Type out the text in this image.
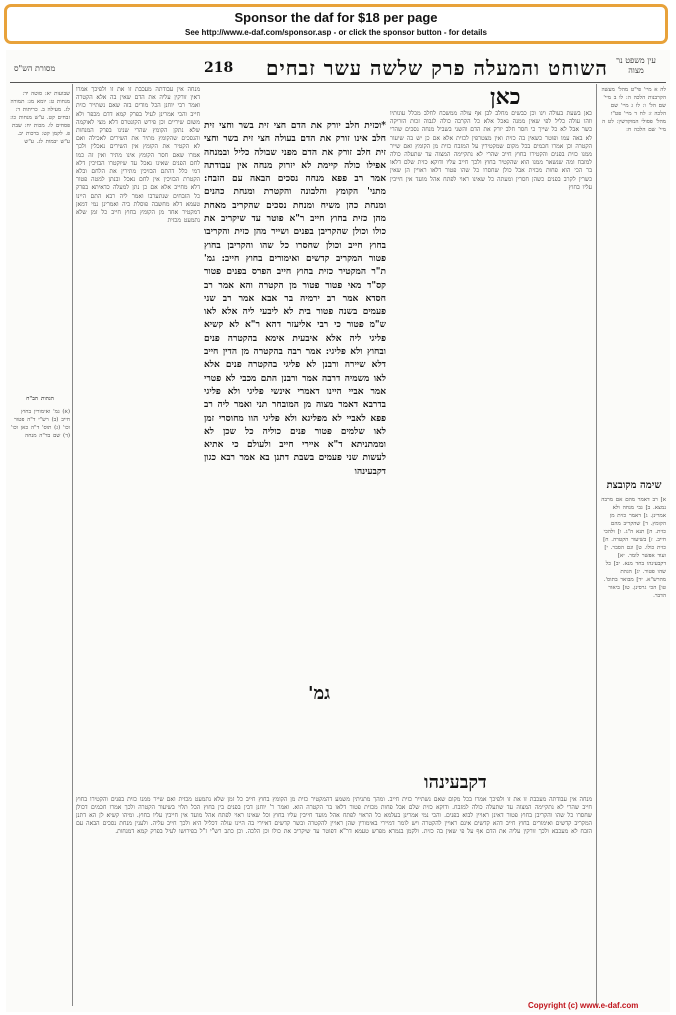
Sponsor the daf for $18 per page
See http://www.e-daf.com/sponsor.asp - or click the sponsor button - for details
מסורת הש"ס	218 השוחט והמעלה פרק שלשה עשר זבחים	עין משפט נר מצוה
שבועות יא: סוטה יד: מנחות ט: יומא מג: תמורה לג. מעילה ב. כריתות ד: זבחים קט. ע"ש מנחות כו: פסחים לו. מכות יח: שבת פ. לקמן קט: ברכות יב. ע"ש יבמות לג. ע"ש
הגהות הב"ח
(א) גמ' ואימורין בחוץ חייב (ב) רש"י ד"ה פטור וכו' (ג) תוס' ד"ה כאן וכו' (ד) שם בד"ה מנחה
לה א מיי' פי"ט מהל' מעשה הקרבנות הלכה ה: לו ב מיי' שם הל' ו: לז ג מיי' שם הלכה ז: לח ד מיי' פט"ו מהל' פסולי המוקדשין: לט ה מיי' שם הלכה ח:
שימה מקובצת
א] רב דאמר מהם אם מרבה נמצא. ב] גבי מנחה ולא אמרינן. ג] דאמר כזית מן הקומץ. ד] שהקריב מהם כזית. ה] תנא ה"ג. ו] ולהכי חייב. ז] בשיעור הקטרה. ח] כזית כולו. ט] וגם הסבר. י] ועוד אפשר לומר. יא] דקבעינהו בחד מנא. יב] כל שהו פטור. יג] הגהת מהרש"א. יד] מבואר בתוס'. טו] הכי גרסינן. טז] ביאור הדבר.
כאן
כאן בשעת בעולה ויגו וכן כבשים מחלב לבן אף עולה ממשכח לחלב מכלל עונותיו וזהו עולה כליל לפי שאין ממנה נאכל אלא כל הקרבה כולה לגבוה זכות הזריקה כשר אבל לא כל שייך כי חסר חלב יורק את הדם והשני בשביל מנחה נסכים שהרי לא באה עמו ופוטר כשאין בה כזית ואין מצטרפין לכזית אלא אם כן יש בה שיעור הקטרה וכן אמרו חכמים בכל מקום שמקטירין על המזבח כזית מן הקומץ ואם שייר ממנו כזית בפנים והקטירו בחוץ חייב שהרי לא נתקיימה המצוה עד שתעלה כולה למזבח ומה שנשאר ממנו הוא שהקטיר בחוץ ולכך חייב עליו ודוקא כזית שלם דלאו בר הכי הוא פחות מכזית אבל כולן שחסרו כל שהו פטור דלאו ראויין הן שאין כשרין לקרב בפנים כשהן חסרין ומעתה כל שאינו ראוי לפתח אהל מועד אין חייבין עליו בחוץ
*וכזית חלב יורק את הדם חצי זית בשר וחצי זית חלב אינו זורק את הדם בעולה חצי זית בשר וחצי זית חלב זורק את הדם מפני שבולה כליל ובמנחה אפילו כולה קיימת לא יזרוק מנחה אין עבודתה אמר רב פפא מנחה נסכים הבאה עם הזבח: מתני' הקומץ והלבונה והקטרת ומנחת כהנים ומנחת כהן משיח ומנחת נסכים שהקריב מאחת מהן כזית בחוץ חייב ר"א פוטר עד שיקריב את כולו וכולן שהקריבן בפנים ושייר מהן כזית והקריבו בחוץ חייב וכולן שחסרו כל שהו והקריבן בחוץ פטור המקריב קדשים ואימורים בחוץ חייב: גמ' ת"ר המקטיר כזית בחוץ חייב הפרס בפנים פטור קס"ד מאי פטור פטור מן הקטרה והא אמר רב חסדא אמר רב ירמיה בר אבא אמר רב שני פעמים בשנה פטור בית לא ליבעי ליה אלא לאו ש"מ פטור כי רבי אליעזר דהא ר"א לא קשיא פליגי ליה אלא איבעית אימא בהקטרה פנים ובחוץ ולא פליגי: אמר רבה בהקטרה מן הדין חייב דלא שיירה ורבנן לא פליגי בהקטרה פנים אלא לאו משמיה דרבה אמר ורבנן התם מכבי לא פטרי אמר אביי היינו דאמרי אינשי פליגי ולא פליגי בדרבא דאמר מצוה מן המובחר תני ואמר ליה רב פפא לאביי לא מפליגא ולא פליגי הוו מחוסרי זמן לאו שלמים פטור פנים כוליה כל שכן לא וממתניתא ד"א איירי חייב ולעולם כי אתיא לעשות שני פעמים בשבת דתנן בא אמר רבא כגון דקבעינהו
גמ'
מנחה אין עבודתה מעכבת זו את זו ולפיכך אמרו דאין זורקין עליה את הדם שאין בה אלא הקטרה ואמר רבי יוחנן הכל מודים בזה שאם נשתייר כזית חייב והכי אמרינן לעיל בפרק קמא דדם מכפר ולא משום שיריים וכן פירש הקונטרס דלא מצי לאוקמה שלא נתקן הקומץ שהרי שנינו בפרק המנחות והנסכים שהקומץ מתיר את השירים לאכילה ואם לא הקטיר את הקומץ אין השירים נאכלין ולכך אמרו שאם חסר הקומץ אינו מתיר ואין זה כמו לחם הפנים שאינו נאכל עד שיוקטרו הבזיכין דלא דמי כלל דהתם הבזיכין מתירין את הלחם ובלא הקטרת הבזיכין אין לחם נאכל ובנתן למטה פטור דלא מחייב אלא אם כן נתן למעלה כדאיתא בפרק כל הזבחים שנתערבו ואמר ליה רבא התם היינו טעמא דלא מחשבה פוסלת ביה ואמרינן נמי דמאן דמקטיר אחד מן הקומץ בחוץ חייב כל זמן שלא נתמעט מכזית
דקבעינהו
מנחה אין עבודתה מעכבת זו את זו ולפיכך אמרו בכל מקום שאם נשתייר כזית חייב. ומהך מתניתין משמע דהמקטיר כזית מן הקומץ בחוץ חייב כל זמן שלא נתמעט מכזית ואם שייר ממנו כזית בפנים והקטירו בחוץ חייב שהרי לא נתקיימה המצוה עד שתעלה כולה למזבח. ודוקא כזית שלם אבל פחות מכזית פטור דלאו בר הקטרה הוא. ואמר ר' יוחנן דבין בפנים בין בחוץ הכל תלוי בשיעור הקטרה ולכך אמרו חכמים דכולן שחסרו כל שהו והקריבן בחוץ פטור דאינן ראויין לבוא בפנים. והכי נמי אמרינן בעלמא כל הראוי לפתח אהל מועד חייבין עליו בחוץ וכל שאינו ראוי לפתח אהל מועד אין חייבין עליו בחוץ. ומיהו קשיא לן הא דתנן המקריב קדשים ואימורים בחוץ חייב דהא קדשים אינם ראויין להקטרה ויש לומר דמיירי באימורין שהן ראויין להקטרה ובשר קדשים דאיירי בה היינו עולה דכליל היא ולכך חייב עליה. ולענין מנחת נסכים הבאה עם הזבח לא מעכבא ולכך זורקין עליה את הדם אף על פי שאין בה כזית. ולקמן בגמרא מפרש טעמא דר"א דפוטר עד שיקריב את כולו וכן הלכה. וכן כתב רש"י ז"ל בפירושו לעיל בפרק קמא דמנחות.
Copyright (c) www.e-daf.com
